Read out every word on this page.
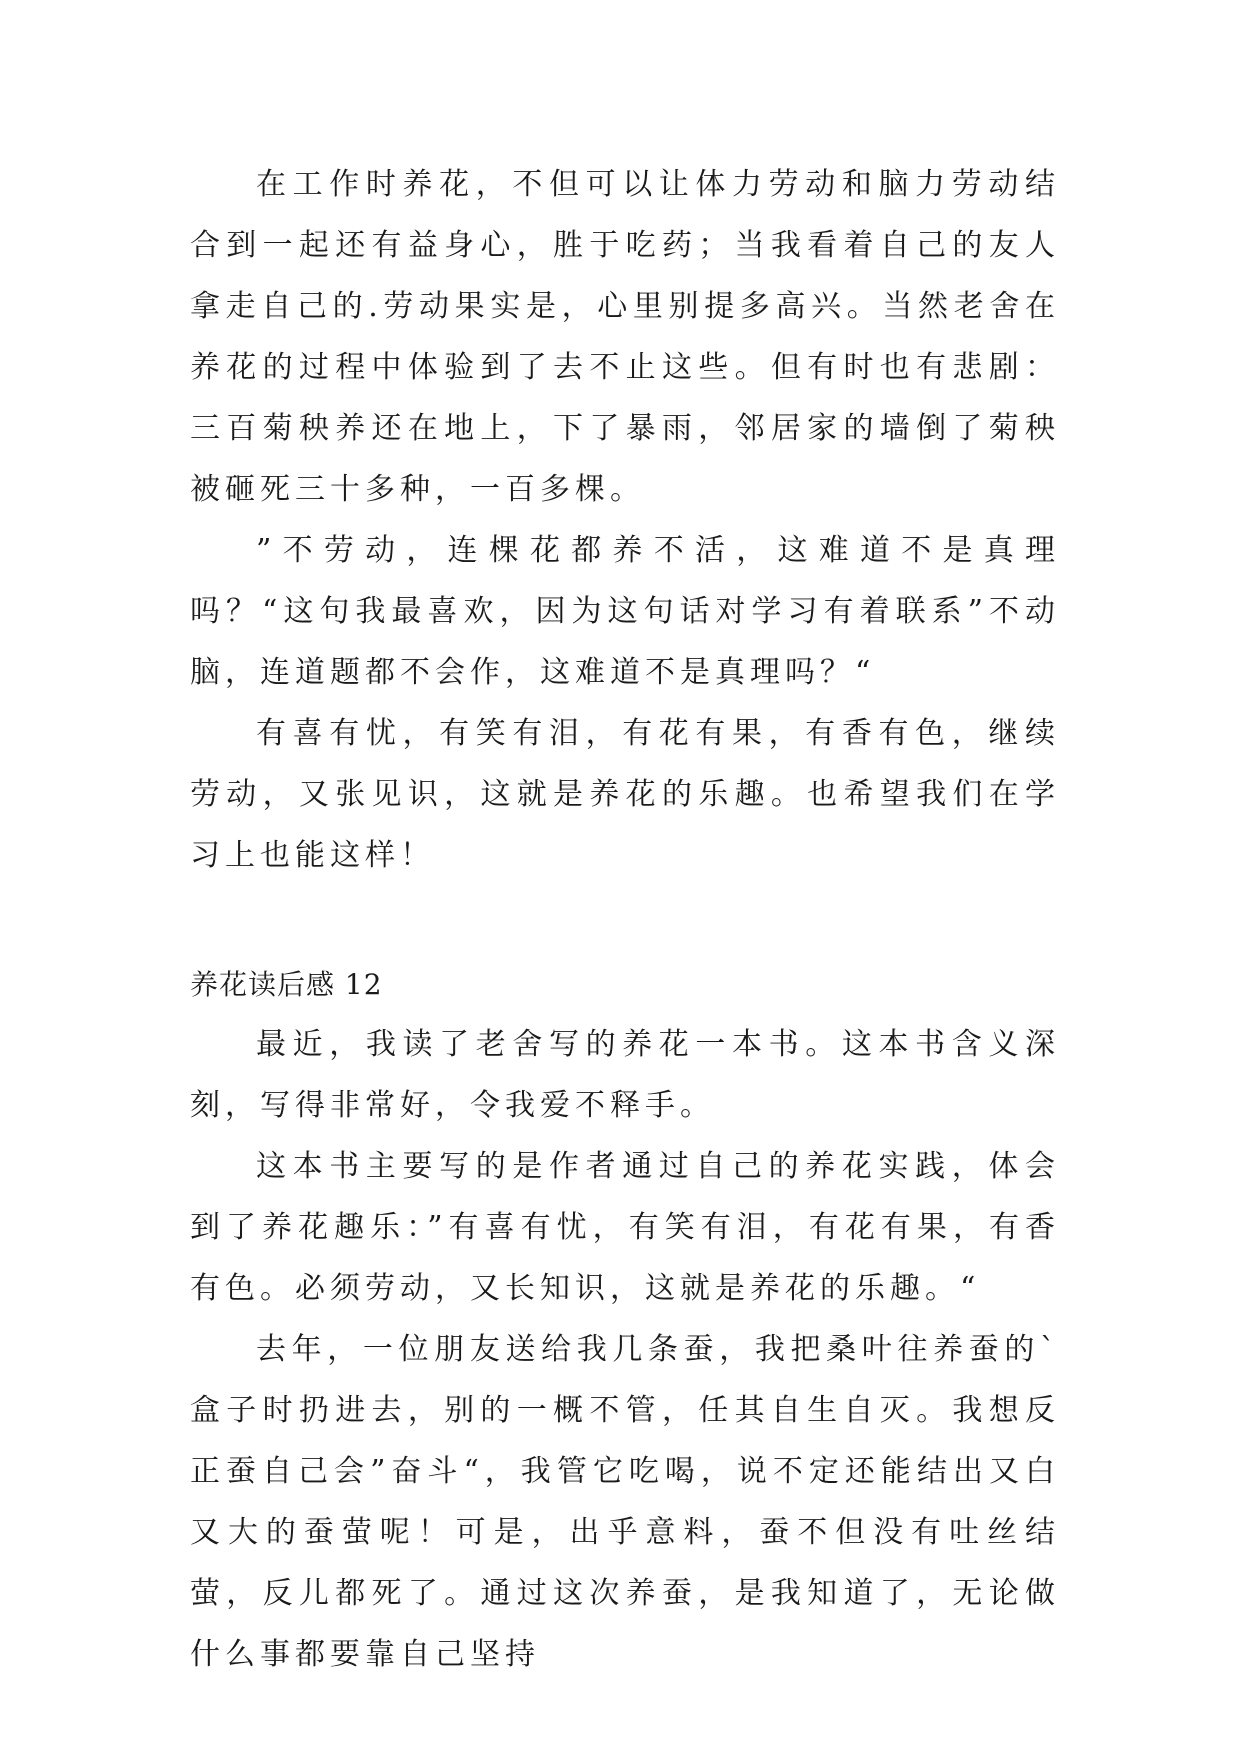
在工作时养花，不但可以让体力劳动和脑力劳动结合到一起还有益身心，胜于吃药；当我看着自己的友人拿走自己的.劳动果实是，心里别提多高兴。当然老舍在养花的过程中体验到了去不止这些。但有时也有悲剧：三百菊秧养还在地上，下了暴雨，邻居家的墙倒了菊秧被砸死三十多种，一百多棵。

”不劳动，连棵花都养不活，这难道不是真理吗？“这句我最喜欢，因为这句话对学习有着联系”不动脑，连道题都不会作，这难道不是真理吗？“

有喜有忧，有笑有泪，有花有果，有香有色，继续劳动，又张见识，这就是养花的乐趣。也希望我们在学习上也能这样！

养花读后感 12

最近，我读了老舍写的养花一本书。这本书含义深刻，写得非常好，令我爱不释手。

这本书主要写的是作者通过自己的养花实践，体会到了养花趣乐：”有喜有忧，有笑有泪，有花有果，有香有色。必须劳动，又长知识，这就是养花的乐趣。“

去年，一位朋友送给我几条蚕，我把桑叶往养蚕的`盒子时扔进去，别的一概不管，任其自生自灭。我想反正蚕自己会”奋斗“，我管它吃喝，说不定还能结出又白又大的蚕萤呢！可是，出乎意料，蚕不但没有吐丝结萤，反儿都死了。通过这次养蚕，是我知道了，无论做什么事都要靠自己坚持
